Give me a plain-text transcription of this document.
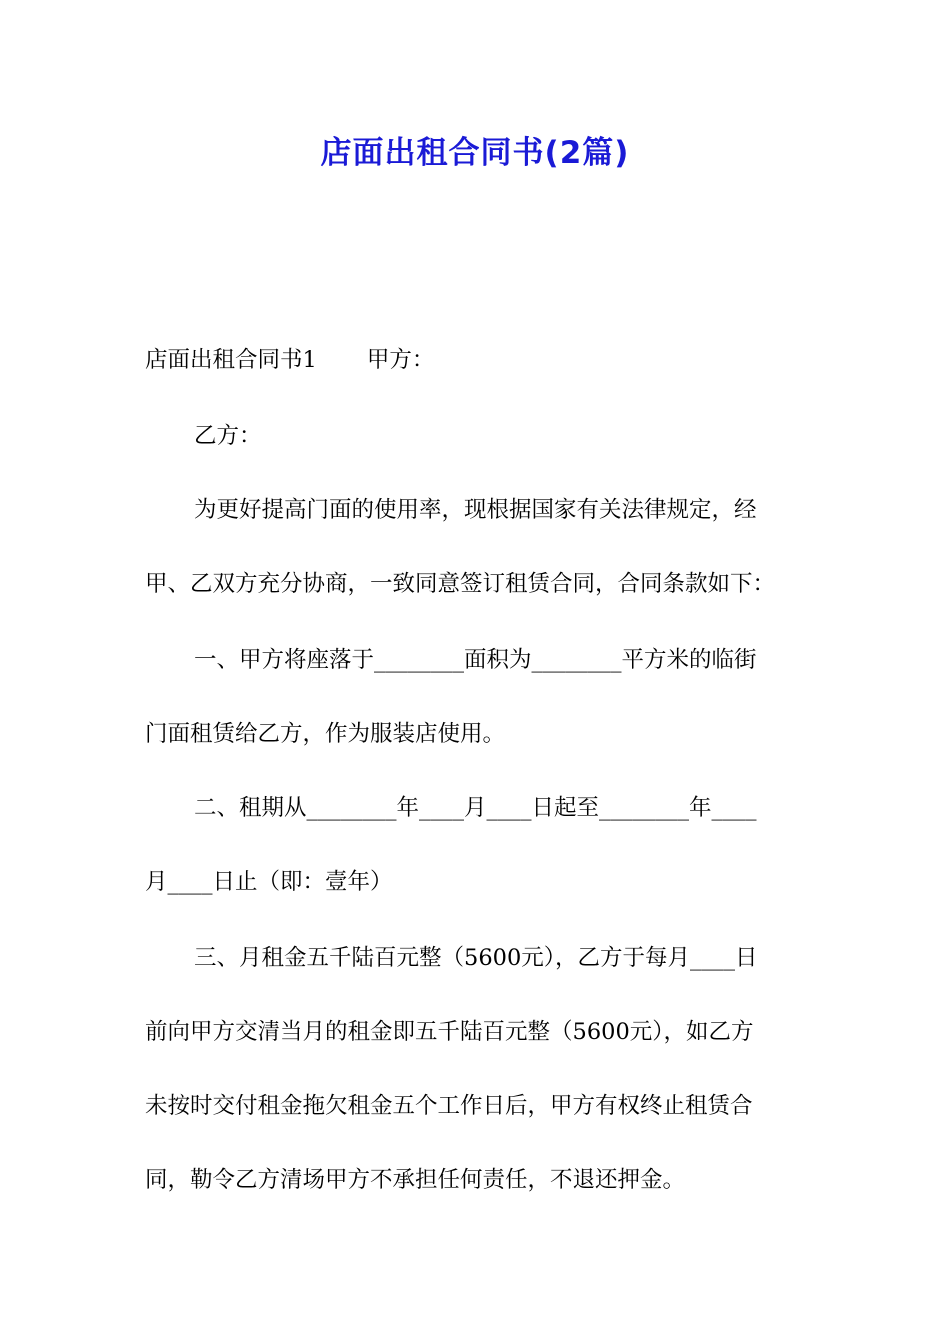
店面出租合同书(2篇)
店面出租合同书1 甲方：
乙方：
为更好提高门面的使用率，现根据国家有关法律规定，经
甲、乙双方充分协商，一致同意签订租赁合同，合同条款如下：
一、甲方将座落于________面积为________平方米的临街
门面租赁给乙方，作为服装店使用。
二、租期从________年____月____日起至________年____
月____日止（即：壹年）
三、月租金五千陆百元整（5600元），乙方于每月____日
前向甲方交清当月的租金即五千陆百元整（5600元），如乙方
未按时交付租金拖欠租金五个工作日后，甲方有权终止租赁合
同，勒令乙方清场甲方不承担任何责任，不退还押金。
